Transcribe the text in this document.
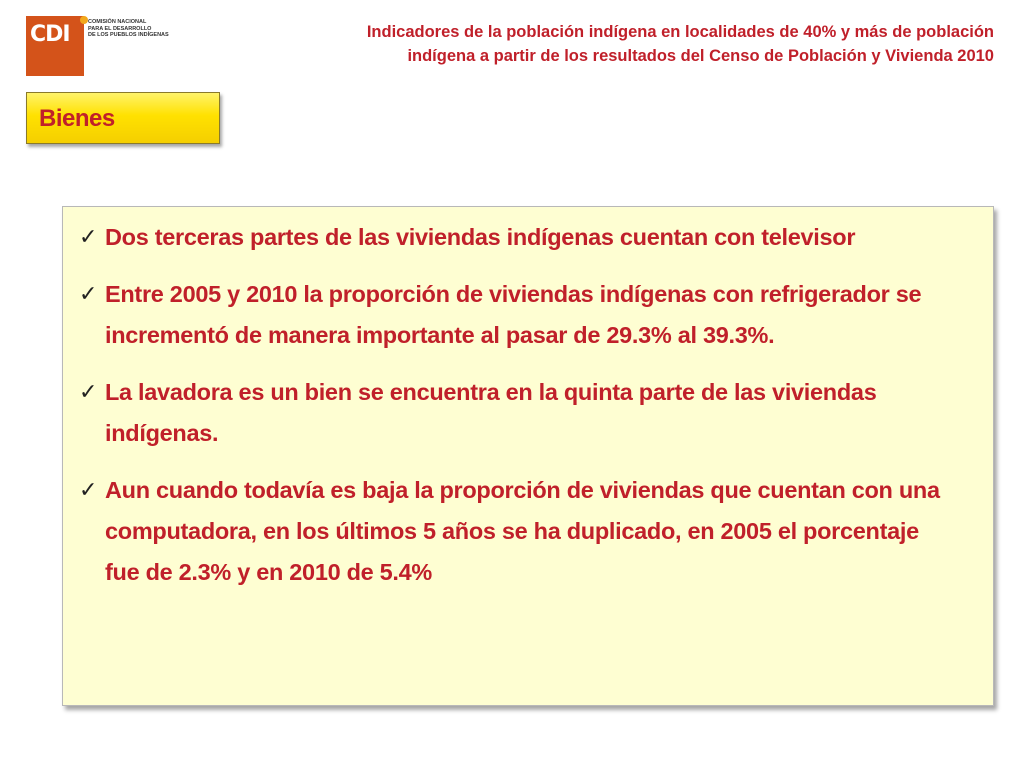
CDI	COMISIÓN NACIONAL
PARA EL DESARROLLO
DE LOS PUEBLOS INDÍGENAS	Indicadores de la población indígena en localidades de 40% y más de población
indígena a partir de los resultados del Censo de Población y Vivienda 2010
Bienes
✓ Dos terceras partes de las viviendas indígenas cuentan con televisor
✓ Entre 2005 y 2010 la proporción de viviendas indígenas con refrigerador se incrementó de manera importante al pasar de 29.3% al 39.3%.
✓ La lavadora es un bien se encuentra en la quinta parte de las viviendas indígenas.
✓ Aun cuando todavía es baja la proporción de viviendas que cuentan con una computadora, en los últimos 5 años se ha duplicado, en 2005 el porcentaje fue de 2.3% y en 2010 de 5.4%
